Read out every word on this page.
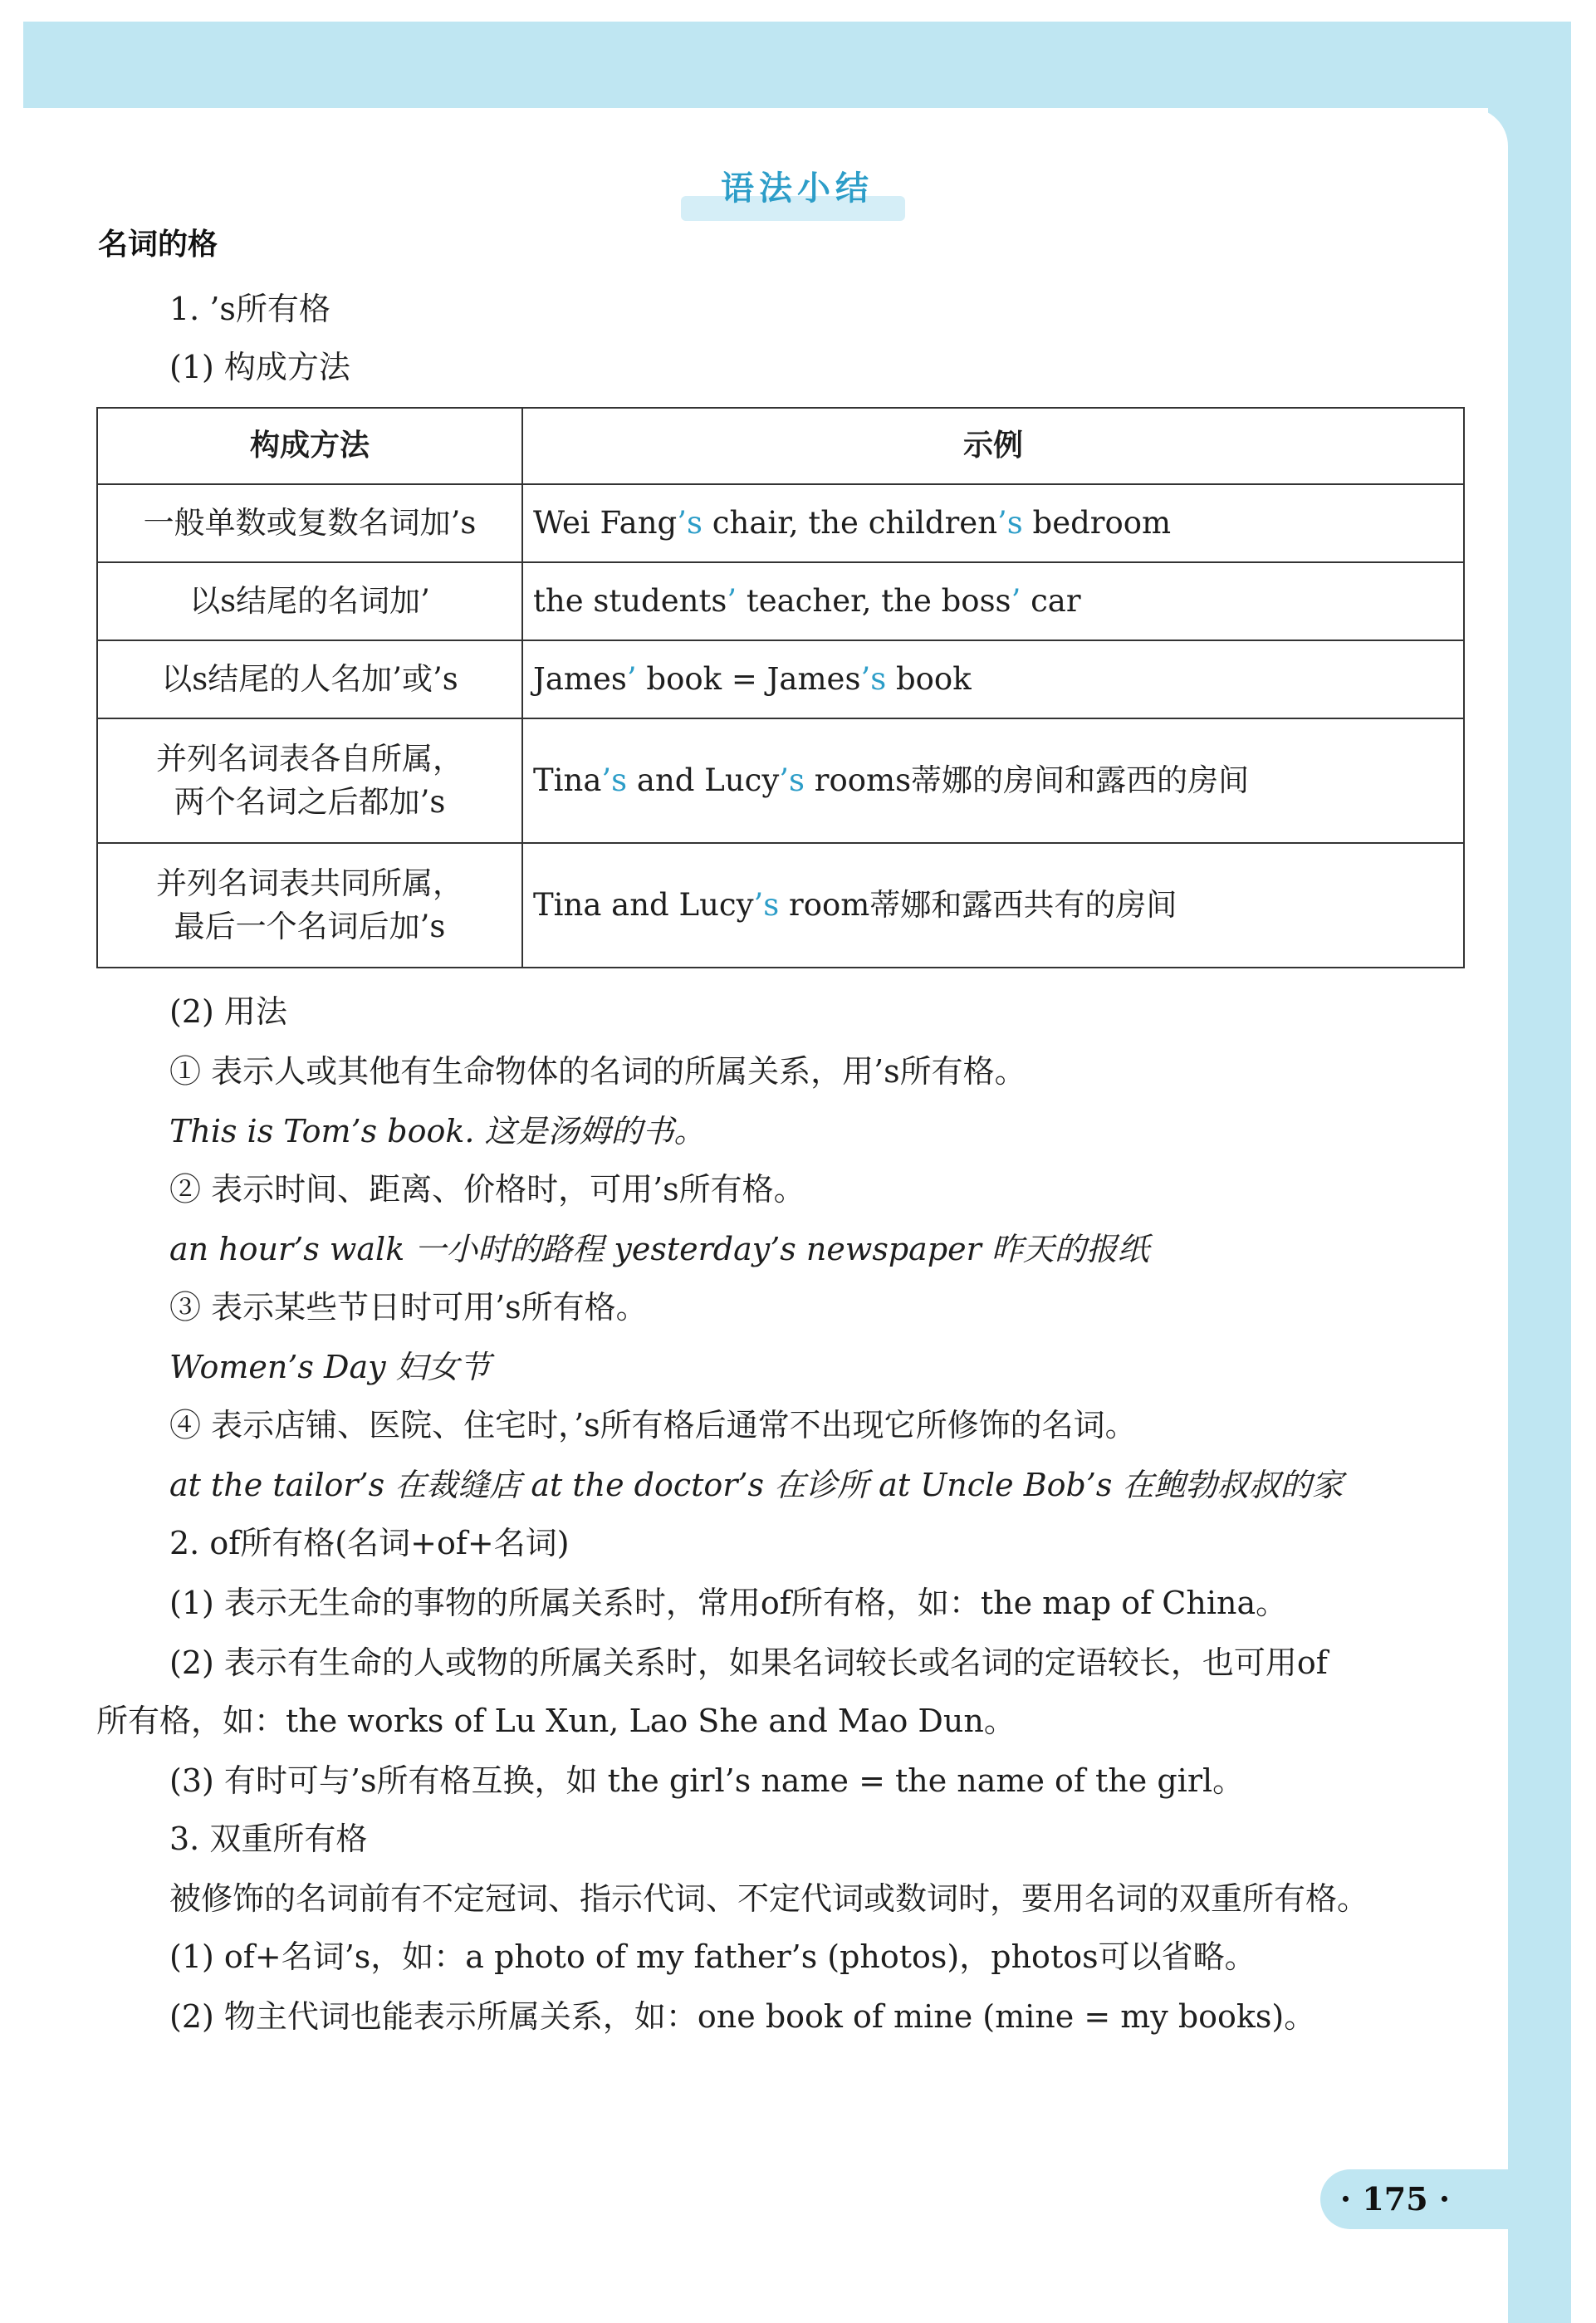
· 175 ·
语法小结
名词的格
1. ’s所有格
(1) 构成方法
构成方法	示例
一般单数或复数名词加’s	Wei Fang’s chair, the children’s bedroom
以s结尾的名词加’	the students’ teacher, the boss’ car
以s结尾的人名加’或’s	James’ book = James’s book
并列名词表各自所属，
两个名词之后都加’s	Tina’s and Lucy’s rooms蒂娜的房间和露西的房间
并列名词表共同所属，
最后一个名词后加’s	Tina and Lucy’s room蒂娜和露西共有的房间
(2) 用法
① 表示人或其他有生命物体的名词的所属关系，用’s所有格。
This is Tom’s book. 这是汤姆的书。
② 表示时间、距离、价格时，可用’s所有格。
an hour’s walk 一小时的路程 yesterday’s newspaper 昨天的报纸
③ 表示某些节日时可用’s所有格。
Women’s Day 妇女节
④ 表示店铺、医院、住宅时，’s所有格后通常不出现它所修饰的名词。
at the tailor’s 在裁缝店 at the doctor’s 在诊所 at Uncle Bob’s 在鲍勃叔叔的家
2. of所有格(名词+of+名词)
(1) 表示无生命的事物的所属关系时，常用of所有格，如：the map of China。
(2) 表示有生命的人或物的所属关系时，如果名词较长或名词的定语较长，也可用of
所有格，如：the works of Lu Xun, Lao She and Mao Dun。
(3) 有时可与’s所有格互换，如 the girl’s name = the name of the girl。
3. 双重所有格
被修饰的名词前有不定冠词、指示代词、不定代词或数词时，要用名词的双重所有格。
(1) of+名词’s，如：a photo of my father’s (photos)，photos可以省略。
(2) 物主代词也能表示所属关系，如：one book of mine (mine = my books)。
